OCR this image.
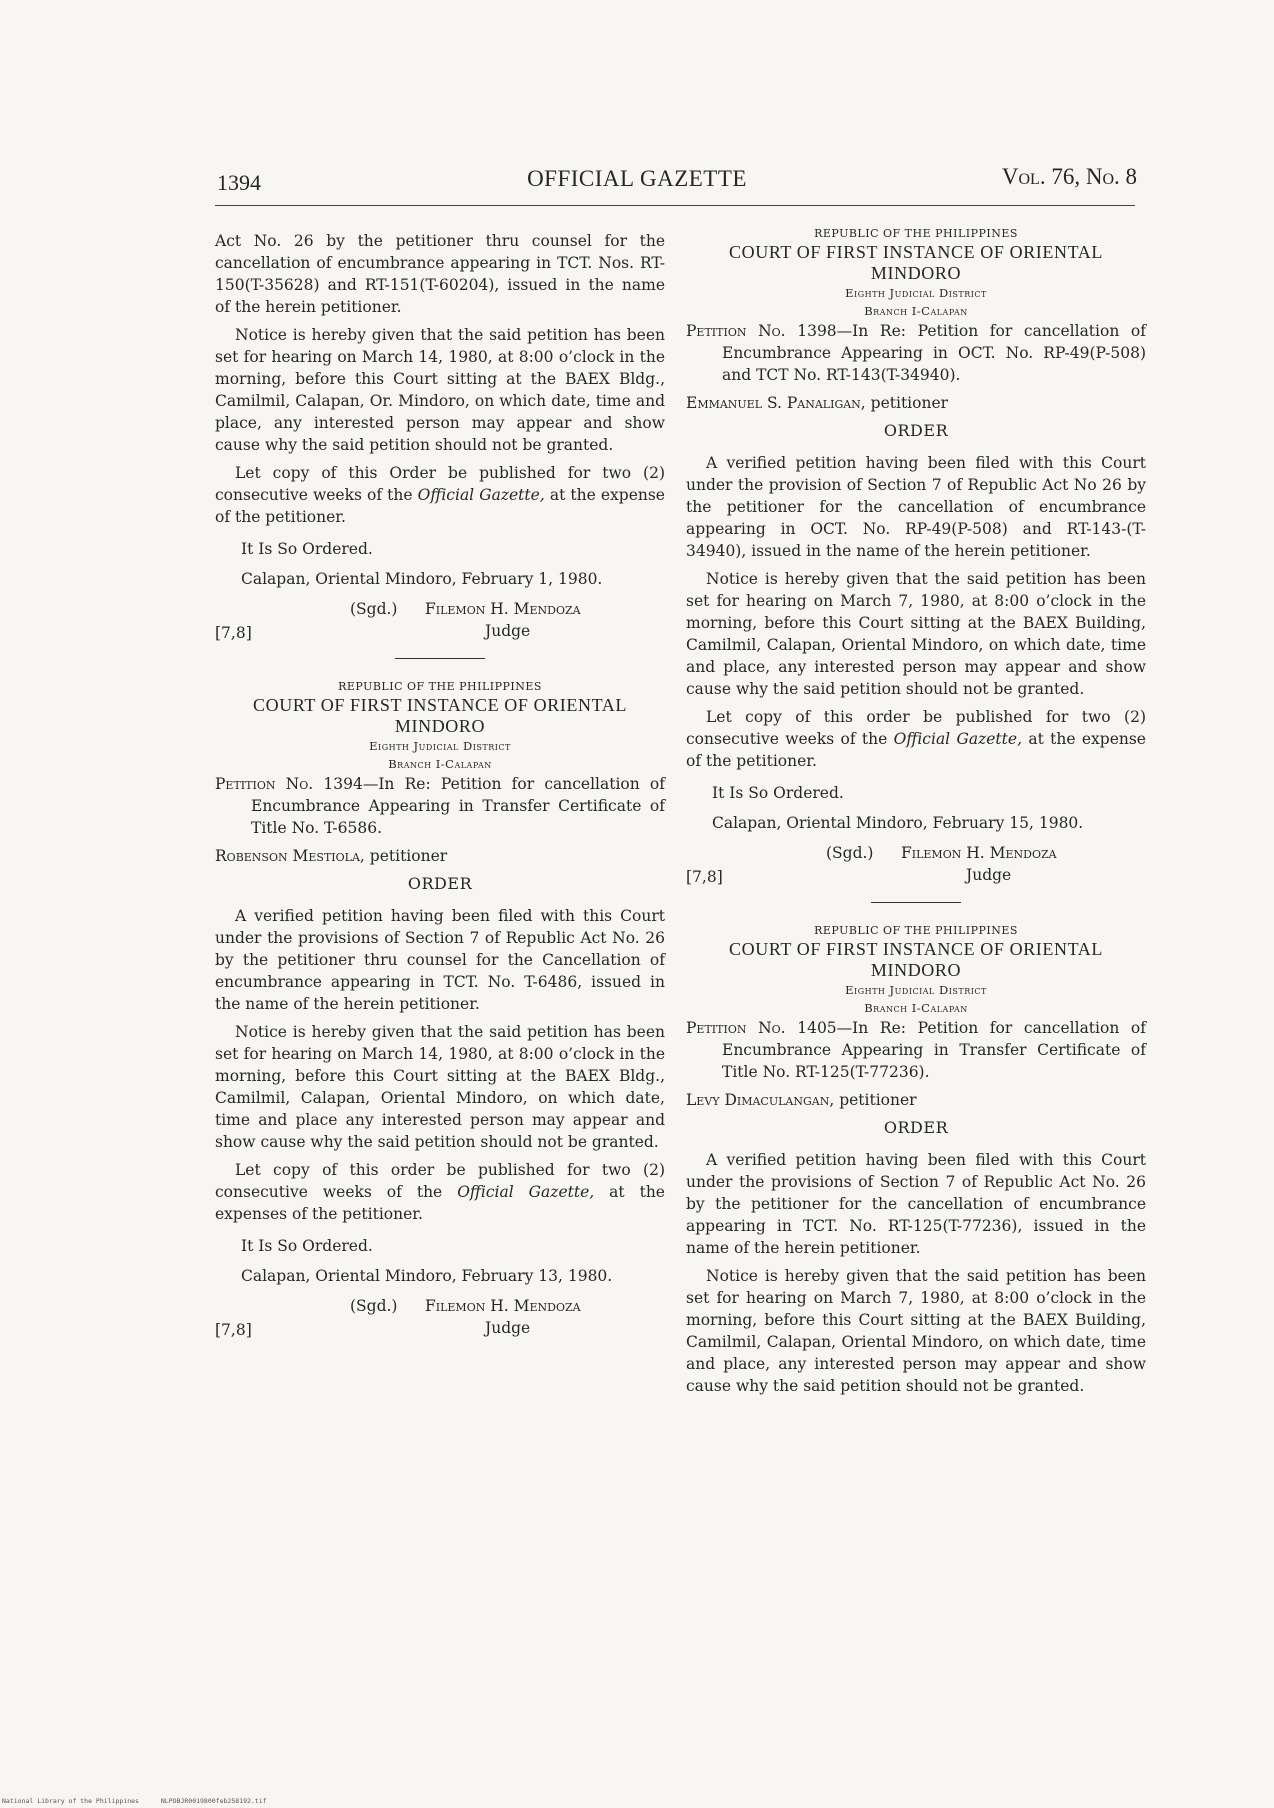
1394	OFFICIAL GAZETTE	Vol. 76, No. 8

Act No. 26 by the petitioner thru counsel for the cancellation of encumbrance appearing in TCT. Nos. RT-150(T-35628) and RT-151(T-60204), issued in the name of the herein petitioner.

Notice is hereby given that the said petition has been set for hearing on March 14, 1980, at 8:00 o’clock in the morning, before this Court sitting at the BAEX Bldg., Camilmil, Calapan, Or. Mindoro, on which date, time and place, any interested person may appear and show cause why the said petition should not be granted.

Let copy of this Order be published for two (2) consecutive weeks of the Official Gazette, at the expense of the petitioner.

It Is So Ordered.

Calapan, Oriental Mindoro, February 1, 1980.

(Sgd.) Filemon H. Mendoza
Judge
[7,8]
REPUBLIC OF THE PHILIPPINES
COURT OF FIRST INSTANCE OF ORIENTAL MINDORO
Eighth Judicial District
Branch I-Calapan

Petition No. 1394—In Re: Petition for cancellation of Encumbrance Appearing in Transfer Certificate of Title No. T-6586.

Robenson Mestiola, petitioner

ORDER

A verified petition having been filed with this Court under the provisions of Section 7 of Republic Act No. 26 by the petitioner thru counsel for the Cancellation of encumbrance appearing in TCT. No. T-6486, issued in the name of the herein petitioner.

Notice is hereby given that the said petition has been set for hearing on March 14, 1980, at 8:00 o’clock in the morning, before this Court sitting at the BAEX Bldg., Camilmil, Calapan, Oriental Mindoro, on which date, time and place any interested person may appear and show cause why the said petition should not be granted.

Let copy of this order be published for two (2) consecutive weeks of the Official Gazette, at the expenses of the petitioner.

It Is So Ordered.

Calapan, Oriental Mindoro, February 13, 1980.

(Sgd.) Filemon H. Mendoza
Judge
[7,8]
REPUBLIC OF THE PHILIPPINES
COURT OF FIRST INSTANCE OF ORIENTAL MINDORO
Eighth Judicial District
Branch I-Calapan

Petition No. 1398—In Re: Petition for cancellation of Encumbrance Appearing in OCT. No. RP-49(P-508) and TCT No. RT-143(T-34940).

Emmanuel S. Panaligan, petitioner

ORDER

A verified petition having been filed with this Court under the provision of Section 7 of Republic Act No 26 by the petitioner for the cancellation of encumbrance appearing in OCT. No. RP-49(P-508) and RT-143-(T-34940), issued in the name of the herein petitioner.

Notice is hereby given that the said petition has been set for hearing on March 7, 1980, at 8:00 o’clock in the morning, before this Court sitting at the BAEX Building, Camilmil, Calapan, Oriental Mindoro, on which date, time and place, any interested person may appear and show cause why the said petition should not be granted.

Let copy of this order be published for two (2) consecutive weeks of the Official Gazette, at the expense of the petitioner.

It Is So Ordered.

Calapan, Oriental Mindoro, February 15, 1980.

(Sgd.) Filemon H. Mendoza
Judge
[7,8]
REPUBLIC OF THE PHILIPPINES
COURT OF FIRST INSTANCE OF ORIENTAL MINDORO
Eighth Judicial District
Branch I-Calapan

Petition No. 1405—In Re: Petition for cancellation of Encumbrance Appearing in Transfer Certificate of Title No. RT-125(T-77236).

Levy Dimaculangan, petitioner

ORDER

A verified petition having been filed with this Court under the provisions of Section 7 of Republic Act No. 26 by the petitioner for the cancellation of encumbrance appearing in TCT. No. RT-125(T-77236), issued in the name of the herein petitioner.

Notice is hereby given that the said petition has been set for hearing on March 7, 1980, at 8:00 o’clock in the morning, before this Court sitting at the BAEX Building, Camilmil, Calapan, Oriental Mindoro, on which date, time and place, any interested person may appear and show cause why the said petition should not be granted.

National Library of the Philippines	NLPOBJR0019800feb258192.tif
